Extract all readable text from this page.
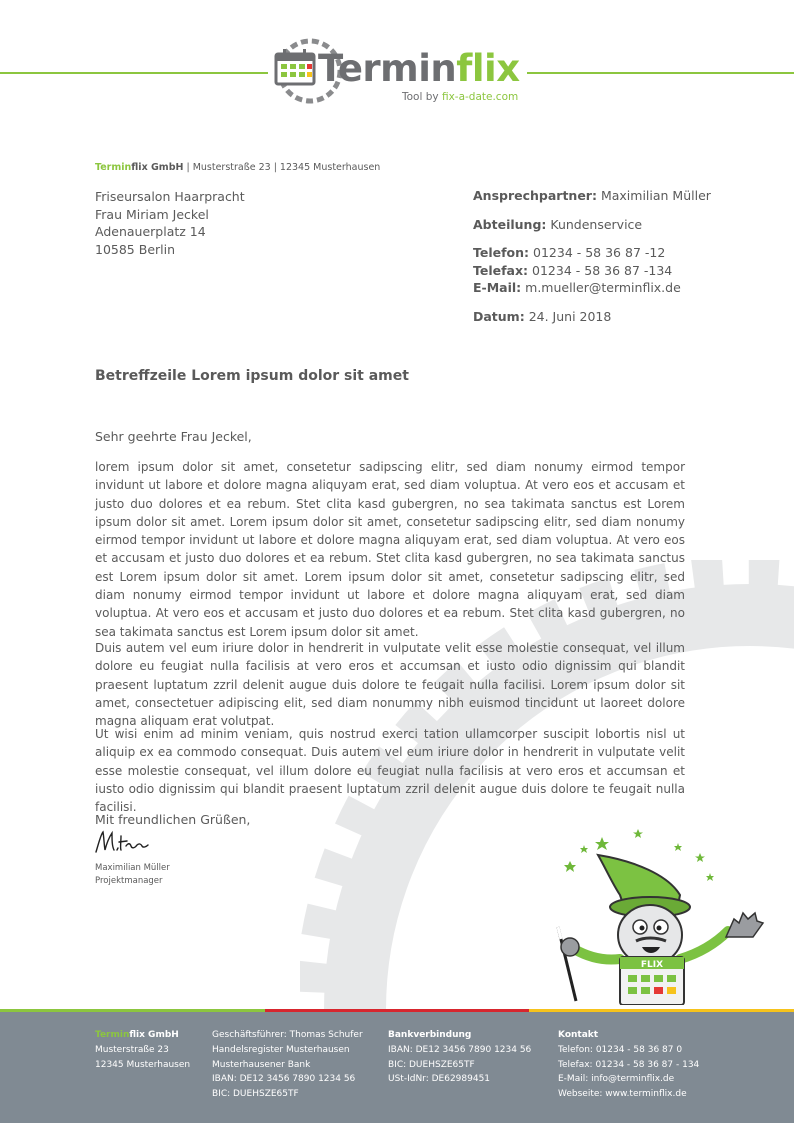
Terminflix
Tool by fix-a-date.com
Terminflix GmbH | Musterstraße 23 | 12345 Musterhausen
Friseursalon Haarpracht
Frau Miriam Jeckel
Adenauerplatz 14
10585 Berlin
Ansprechpartner: Maximilian Müller
Abteilung: Kundenservice
Telefon: 01234 - 58 36 87 -12
Telefax: 01234 - 58 36 87 -134
E-Mail: m.mueller@terminflix.de
Datum: 24. Juni 2018
Betreffzeile Lorem ipsum dolor sit amet
Sehr geehrte Frau Jeckel,

lorem ipsum dolor sit amet, consetetur sadipscing elitr, sed diam nonumy eirmod tempor invidunt ut labore et dolore magna aliquyam erat, sed diam voluptua. At vero eos et accusam et justo duo dolores et ea rebum. Stet clita kasd gubergren, no sea takimata sanctus est Lorem ipsum dolor sit amet. Lorem ipsum dolor sit amet, consetetur sadipscing elitr, sed diam nonumy eirmod tempor invidunt ut labore et dolore magna aliquyam erat, sed diam voluptua. At vero eos et accusam et justo duo dolores et ea rebum. Stet clita kasd gubergren, no sea takimata sanctus est Lorem ipsum dolor sit amet. Lorem ipsum dolor sit amet, consetetur sadipscing elitr, sed diam nonumy eirmod tempor invidunt ut labore et dolore magna aliquyam erat, sed diam voluptua. At vero eos et accusam et justo duo dolores et ea rebum. Stet clita kasd gubergren, no sea takimata sanctus est Lorem ipsum dolor sit amet.

Duis autem vel eum iriure dolor in hendrerit in vulputate velit esse molestie consequat, vel illum dolore eu feugiat nulla facilisis at vero eros et accumsan et iusto odio dignissim qui blandit praesent luptatum zzril delenit augue duis dolore te feugait nulla facilisi. Lorem ipsum dolor sit amet, consectetuer adipiscing elit, sed diam nonummy nibh euismod tincidunt ut laoreet dolore magna aliquam erat volutpat.

Ut wisi enim ad minim veniam, quis nostrud exerci tation ullamcorper suscipit lobortis nisl ut aliquip ex ea commodo consequat. Duis autem vel eum iriure dolor in hendrerit in vulputate velit esse molestie consequat, vel illum dolore eu feugiat nulla facilisis at vero eros et accumsan et iusto odio dignissim qui blandit praesent luptatum zzril delenit augue duis dolore te feugait nulla facilisi.

Mit freundlichen Grüßen,
Maximilian Müller
Projektmanager
FLIX
Terminflix GmbH
Musterstraße 23
12345 Musterhausen
Geschäftsführer: Thomas Schufer
Handelsregister Musterhausen
Musterhausener Bank
IBAN: DE12 3456 7890 1234 56
BIC: DUEHSZE65TF
Bankverbindung
IBAN: DE12 3456 7890 1234 56
BIC: DUEHSZE65TF
USt-IdNr: DE62989451
Kontakt
Telefon: 01234 - 58 36 87 0
Telefax: 01234 - 58 36 87 - 134
E-Mail: info@terminflix.de
Webseite: www.terminflix.de
